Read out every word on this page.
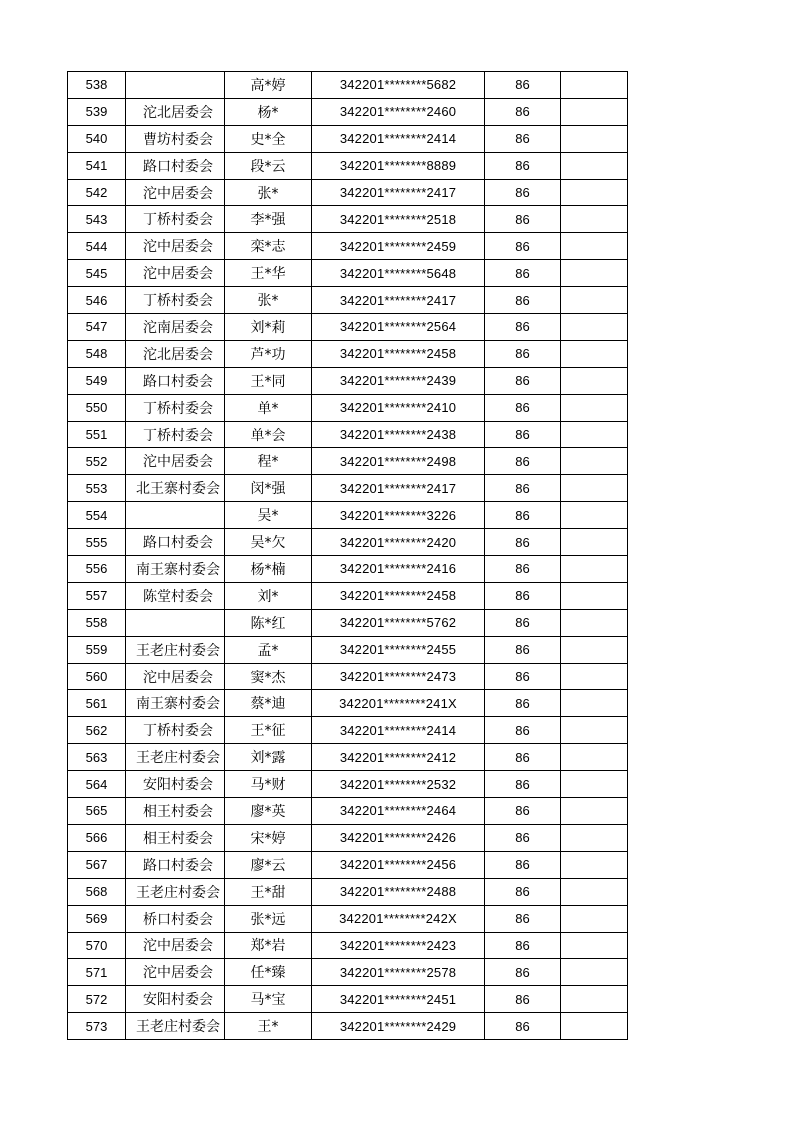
538		高*婷	342201********5682	86	
539	沱北居委会	杨*	342201********2460	86	
540	曹坊村委会	史*全	342201********2414	86	
541	路口村委会	段*云	342201********8889	86	
542	沱中居委会	张*	342201********2417	86	
543	丁桥村委会	李*强	342201********2518	86	
544	沱中居委会	栾*志	342201********2459	86	
545	沱中居委会	王*华	342201********5648	86	
546	丁桥村委会	张*	342201********2417	86	
547	沱南居委会	刘*莉	342201********2564	86	
548	沱北居委会	芦*功	342201********2458	86	
549	路口村委会	王*同	342201********2439	86	
550	丁桥村委会	单*	342201********2410	86	
551	丁桥村委会	单*会	342201********2438	86	
552	沱中居委会	程*	342201********2498	86	
553	北王寨村委会	闵*强	342201********2417	86	
554		吴*	342201********3226	86	
555	路口村委会	吴*欠	342201********2420	86	
556	南王寨村委会	杨*楠	342201********2416	86	
557	陈堂村委会	刘*	342201********2458	86	
558		陈*红	342201********5762	86	
559	王老庄村委会	孟*	342201********2455	86	
560	沱中居委会	窦*杰	342201********2473	86	
561	南王寨村委会	蔡*迪	342201********241X	86	
562	丁桥村委会	王*征	342201********2414	86	
563	王老庄村委会	刘*露	342201********2412	86	
564	安阳村委会	马*财	342201********2532	86	
565	相王村委会	廖*英	342201********2464	86	
566	相王村委会	宋*婷	342201********2426	86	
567	路口村委会	廖*云	342201********2456	86	
568	王老庄村委会	王*甜	342201********2488	86	
569	桥口村委会	张*远	342201********242X	86	
570	沱中居委会	郑*岩	342201********2423	86	
571	沱中居委会	任*臻	342201********2578	86	
572	安阳村委会	马*宝	342201********2451	86	
573	王老庄村委会	王*	342201********2429	86	
